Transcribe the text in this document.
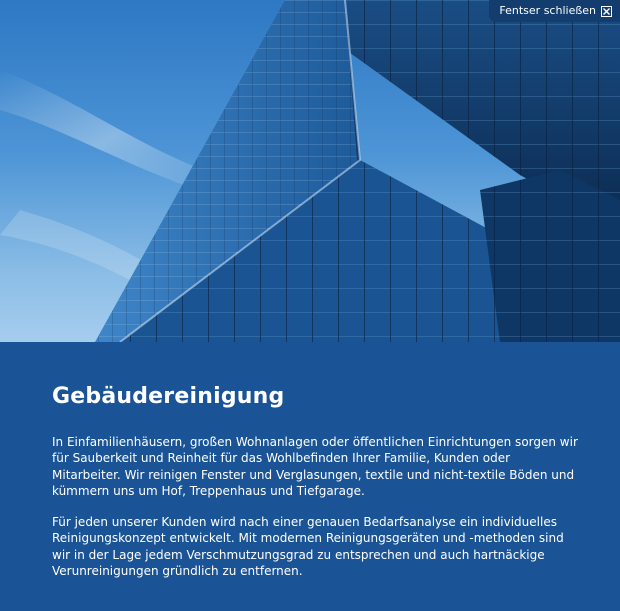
Fentser schließen
Gebäudereinigung

In Einfamilienhäusern, großen Wohnanlagen oder öffentlichen Einrichtungen sorgen wir für Sauberkeit und Reinheit für das Wohlbefinden Ihrer Familie, Kunden oder Mitarbeiter. Wir reinigen Fenster und Verglasungen, textile und nicht-textile Böden und kümmern uns um Hof, Treppenhaus und Tiefgarage.

Für jeden unserer Kunden wird nach einer genauen Bedarfsanalyse ein individuelles Reinigungskonzept entwickelt. Mit modernen Reinigungsgeräten und -methoden sind wir in der Lage jedem Verschmutzungsgrad zu entsprechen und auch hartnäckige Verunreinigungen gründlich zu entfernen.
